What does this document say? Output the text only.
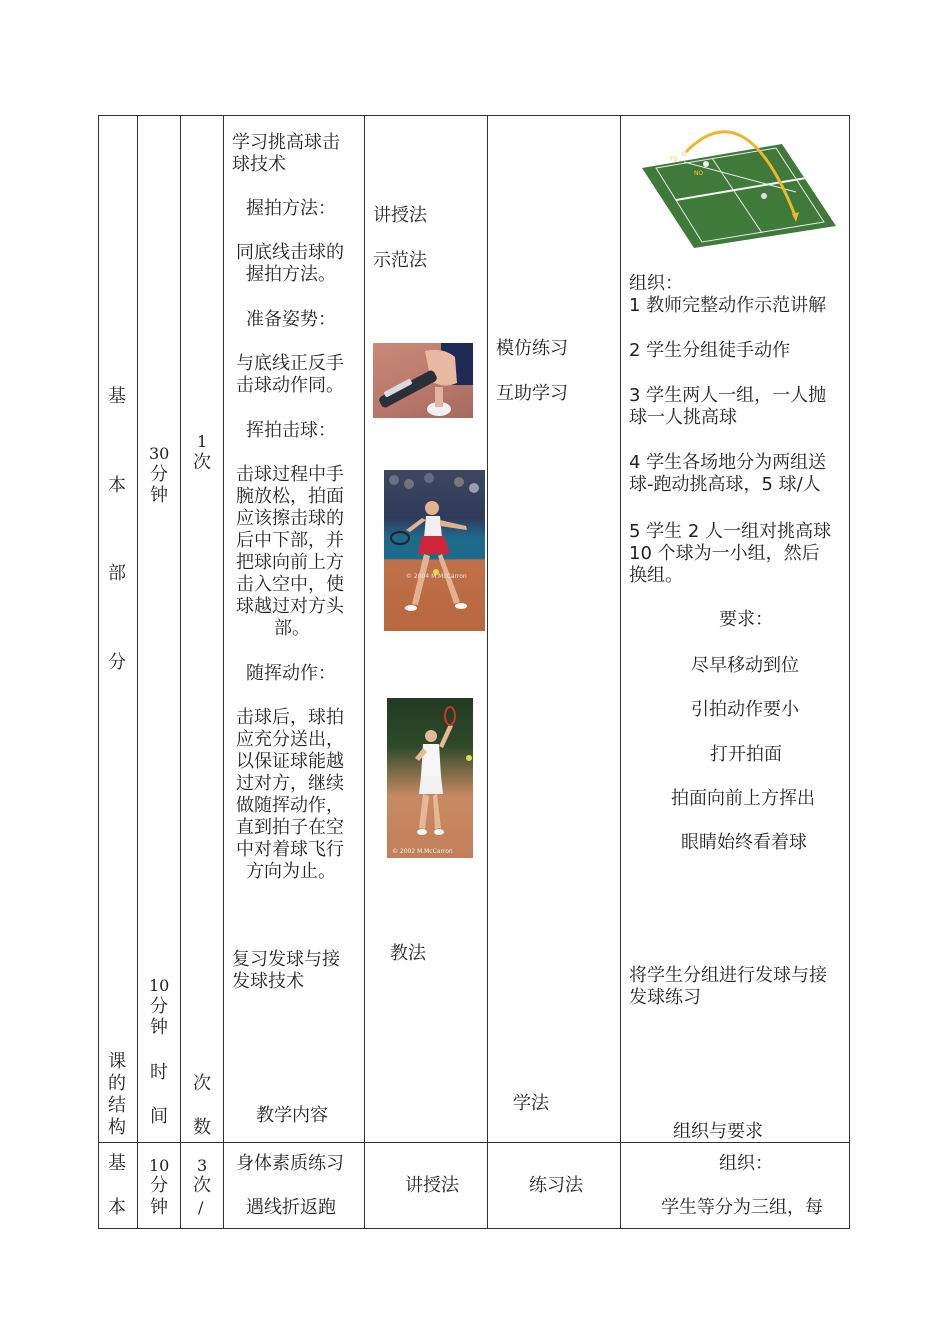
基
本
部
分
30
分
钟
10
分
钟
1
次
学习挑高球击
球技术
握拍方法：
同底线击球的
握拍方法。
准备姿势：
与底线正反手
击球动作同。
挥拍击球：
击球过程中手
腕放松，拍面
应该擦击球的
后中下部，并
把球向前上方
击入空中，使
球越过对方头
部。
随挥动作：
击球后，球拍
应充分送出，
以保证球能越
过对方，继续
做随挥动作，
直到拍子在空
中对着球飞行
方向为止。
复习发球与接
发球技术
讲授法
示范法
教法
© 2004 M.McCarron
© 2002 M.McCarron
模仿练习
互助学习
TS
NO
组织：
1 教师完整动作示范讲解
2 学生分组徒手动作
3 学生两人一组，一人抛
球一人挑高球
4 学生各场地分为两组送
球-跑动挑高球，5 球/人
5 学生 2 人一组对挑高球
10 个球为一小组，然后
换组。
要求：
尽早移动到位
引拍动作要小
打开拍面
拍面向前上方挥出
眼睛始终看着球
将学生分组进行发球与接
发球练习
课
的
结
构
时
间
次
数
教学内容
学法
组织与要求
基
本
10
分
钟
3
次
/
身体素质练习
遇线折返跑
讲授法	练习法
组织：
学生等分为三组，每
